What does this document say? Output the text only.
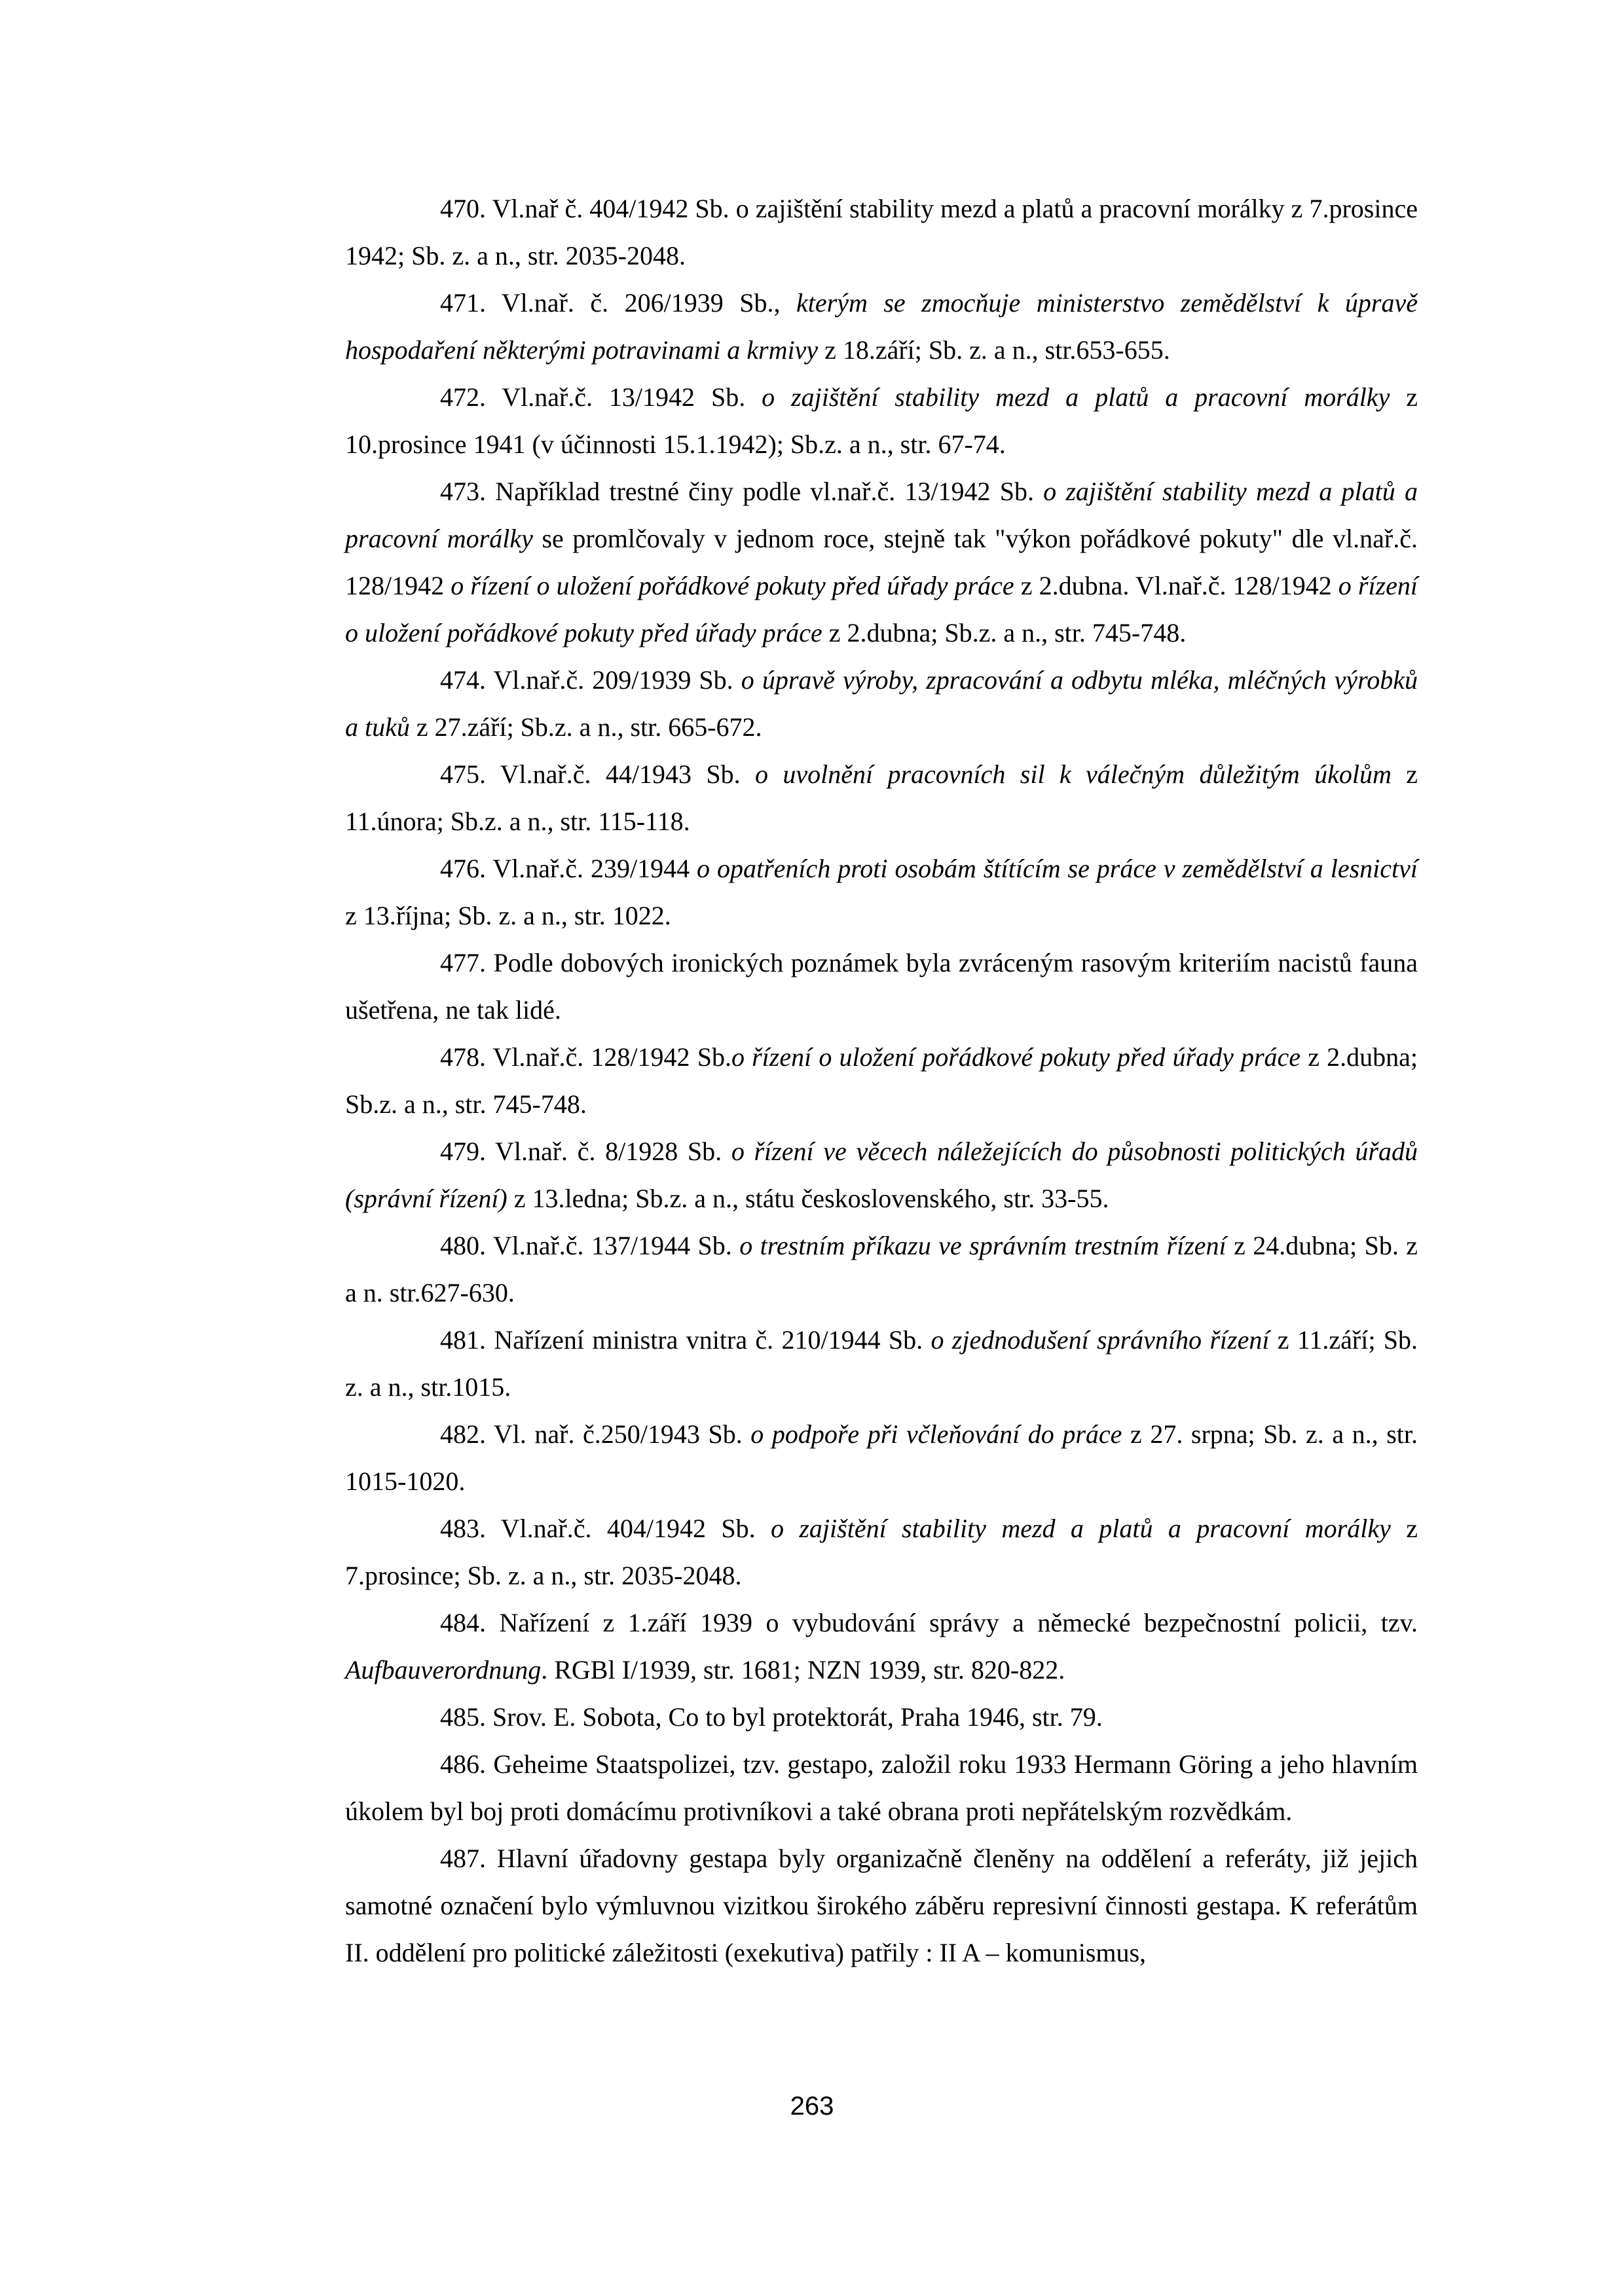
470. Vl.nař č. 404/1942 Sb. o zajištění stability mezd a platů a pracovní morálky z 7.prosince 1942; Sb. z. a n., str. 2035-2048.

471. Vl.nař. č. 206/1939 Sb., kterým se zmocňuje ministerstvo zemědělství k úpravě hospodaření některými potravinami a krmivy z 18.září; Sb. z. a n., str.653-655.

472. Vl.nař.č. 13/1942 Sb. o zajištění stability mezd a platů a pracovní morálky z 10.prosince 1941 (v účinnosti 15.1.1942); Sb.z. a n., str. 67-74.

473. Například trestné činy podle vl.nař.č. 13/1942 Sb. o zajištění stability mezd a platů a pracovní morálky se promlčovaly v jednom roce, stejně tak "výkon pořádkové pokuty" dle vl.nař.č. 128/1942 o řízení o uložení pořádkové pokuty před úřady práce z 2.dubna. Vl.nař.č. 128/1942 o řízení o uložení pořádkové pokuty před úřady práce z 2.dubna; Sb.z. a n., str. 745-748.

474. Vl.nař.č. 209/1939 Sb. o úpravě výroby, zpracování a odbytu mléka, mléčných výrobků a tuků z 27.září; Sb.z. a n., str. 665-672.

475. Vl.nař.č. 44/1943 Sb. o uvolnění pracovních sil k válečným důležitým úkolům z 11.února; Sb.z. a n., str. 115-118.

476. Vl.nař.č. 239/1944 o opatřeních proti osobám štítícím se práce v zemědělství a lesnictví z 13.října; Sb. z. a n., str. 1022.

477. Podle dobových ironických poznámek byla zvráceným rasovým kriteriím nacistů fauna ušetřena, ne tak lidé.

478. Vl.nař.č. 128/1942 Sb.o řízení o uložení pořádkové pokuty před úřady práce z 2.dubna; Sb.z. a n., str. 745-748.

479. Vl.nař. č. 8/1928 Sb. o řízení ve věcech náležejících do působnosti politických úřadů (správní řízení) z 13.ledna; Sb.z. a n., státu československého, str. 33-55.

480. Vl.nař.č. 137/1944 Sb. o trestním příkazu ve správním trestním řízení z 24.dubna; Sb. z a n. str.627-630.

481. Nařízení ministra vnitra č. 210/1944 Sb. o zjednodušení správního řízení z 11.září; Sb. z. a n., str.1015.

482. Vl. nař. č.250/1943 Sb. o podpoře při včleňování do práce z 27. srpna; Sb. z. a n., str. 1015-1020.

483. Vl.nař.č. 404/1942 Sb. o zajištění stability mezd a platů a pracovní morálky z 7.prosince; Sb. z. a n., str. 2035-2048.

484. Nařízení z 1.září 1939 o vybudování správy a německé bezpečnostní policii, tzv. Aufbauverordnung. RGBl I/1939, str. 1681; NZN 1939, str. 820-822.

485. Srov. E. Sobota, Co to byl protektorát, Praha 1946, str. 79.

486. Geheime Staatspolizei, tzv. gestapo, založil roku 1933 Hermann Göring a jeho hlavním úkolem byl boj proti domácímu protivníkovi a také obrana proti nepřátelským rozvědkám.

487. Hlavní úřadovny gestapa byly organizačně členěny na oddělení a referáty, již jejich samotné označení bylo výmluvnou vizitkou širokého záběru represivní činnosti gestapa. K referátům II. oddělení pro politické záležitosti (exekutiva) patřily : II A – komunismus,

263
